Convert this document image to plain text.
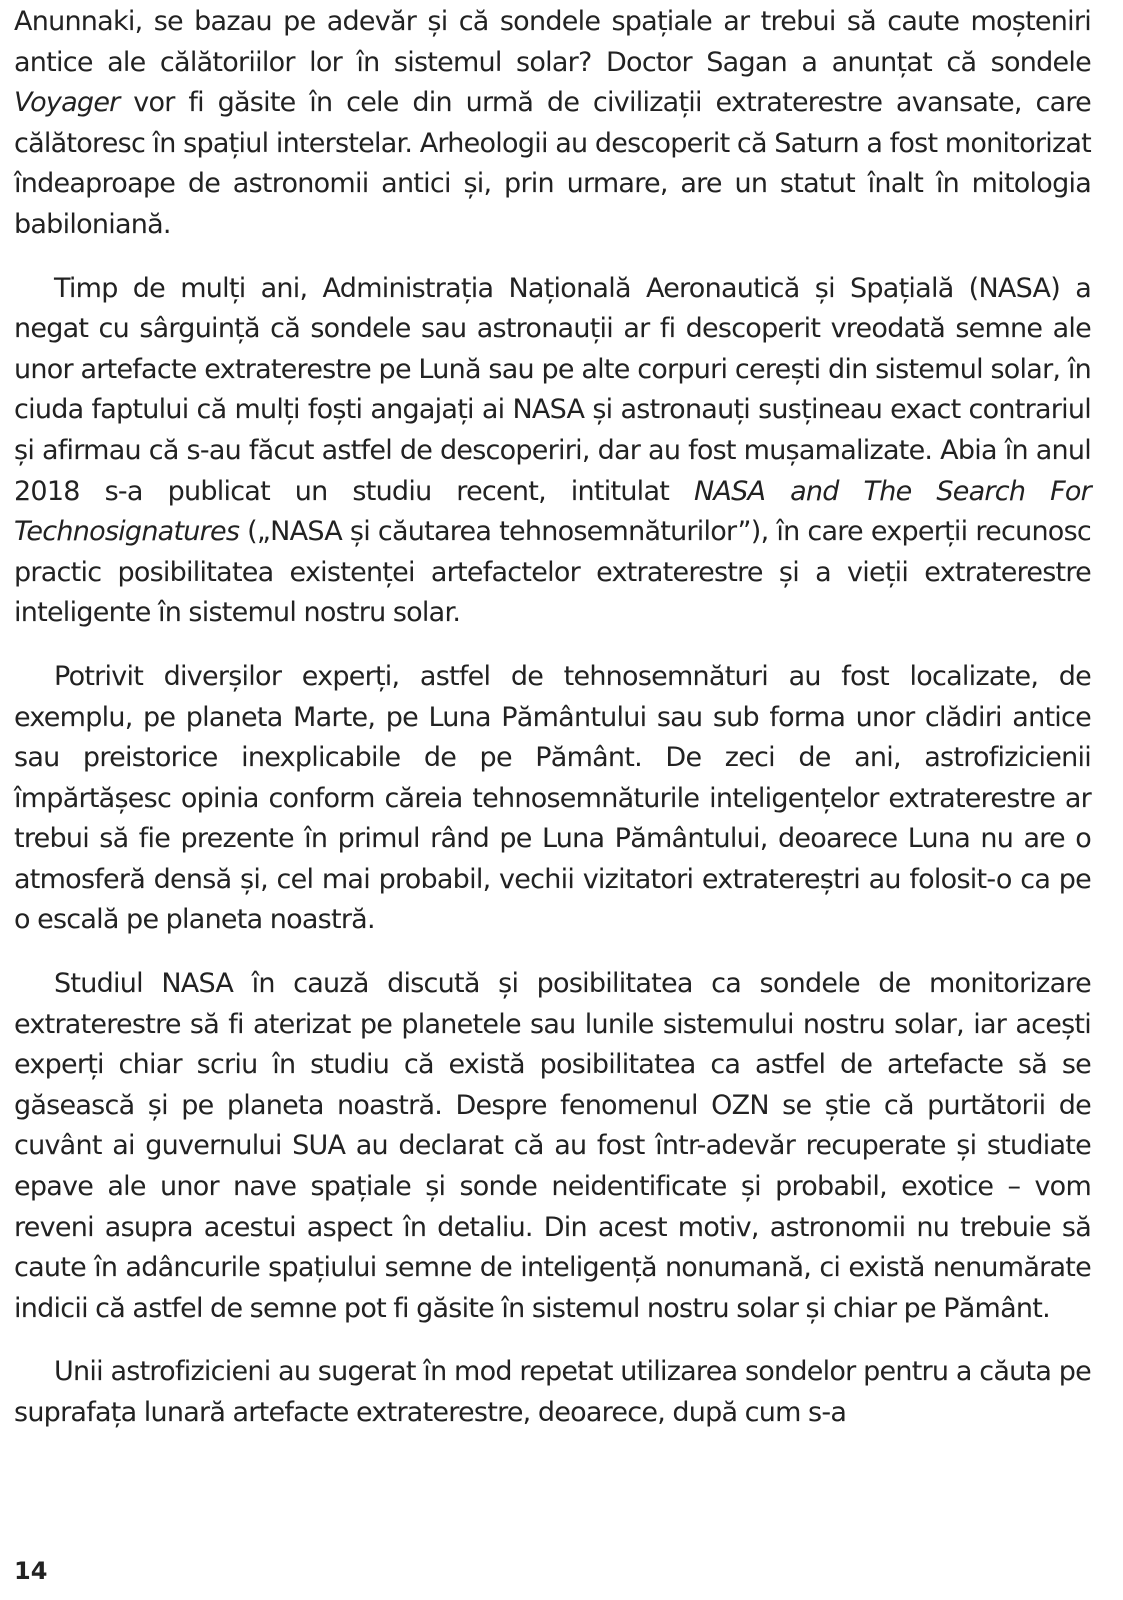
Anunnaki, se bazau pe adevăr și că sondele spațiale ar trebui să caute moșteniri antice ale călătoriilor lor în sistemul solar? Doctor Sagan a anunțat că sondele Voyager vor fi găsite în cele din urmă de civilizații extraterestre avansate, care călătoresc în spațiul interstelar. Arheologii au descoperit că Saturn a fost monitorizat îndeaproape de astronomii antici și, prin urmare, are un statut înalt în mitologia babiloniană.

Timp de mulți ani, Administrația Națională Aeronautică și Spațială (NASA) a negat cu sârguință că sondele sau astronauții ar fi descoperit vreodată semne ale unor artefacte extraterestre pe Lună sau pe alte corpuri cerești din sistemul solar, în ciuda faptului că mulți foști angajați ai NASA și astronauți susțineau exact contrariul și afirmau că s-au făcut astfel de descoperiri, dar au fost mușamalizate. Abia în anul 2018 s-a publicat un studiu recent, intitulat NASA and The Search For Technosignatures („NASA și căutarea tehnosemnăturilor”), în care experții recunosc practic posibilitatea existenței artefactelor extraterestre și a vieții extraterestre inteligente în sistemul nostru solar.

Potrivit diverșilor experți, astfel de tehnosemnături au fost localizate, de exemplu, pe planeta Marte, pe Luna Pământului sau sub forma unor clădiri antice sau preistorice inexplicabile de pe Pământ. De zeci de ani, astrofizicienii împărtășesc opinia conform căreia tehnosemnăturile inteligențelor extraterestre ar trebui să fie prezente în primul rând pe Luna Pământului, deoarece Luna nu are o atmosferă densă și, cel mai probabil, vechii vizitatori extratereștri au folosit-o ca pe o escală pe planeta noastră.

Studiul NASA în cauză discută și posibilitatea ca sondele de monitorizare extraterestre să fi aterizat pe planetele sau lunile sistemului nostru solar, iar acești experți chiar scriu în studiu că există posibilitatea ca astfel de artefacte să se găsească și pe planeta noastră. Despre fenomenul OZN se știe că purtătorii de cuvânt ai guvernului SUA au declarat că au fost într-adevăr recuperate și studiate epave ale unor nave spațiale și sonde neidentificate și probabil, exotice – vom reveni asupra acestui aspect în detaliu. Din acest motiv, astronomii nu trebuie să caute în adâncurile spațiului semne de inteligență nonumană, ci există nenumărate indicii că astfel de semne pot fi găsite în sistemul nostru solar și chiar pe Pământ.

Unii astrofizicieni au sugerat în mod repetat utilizarea sondelor pentru a căuta pe suprafața lunară artefacte extraterestre, deoarece, după cum s-a

14
